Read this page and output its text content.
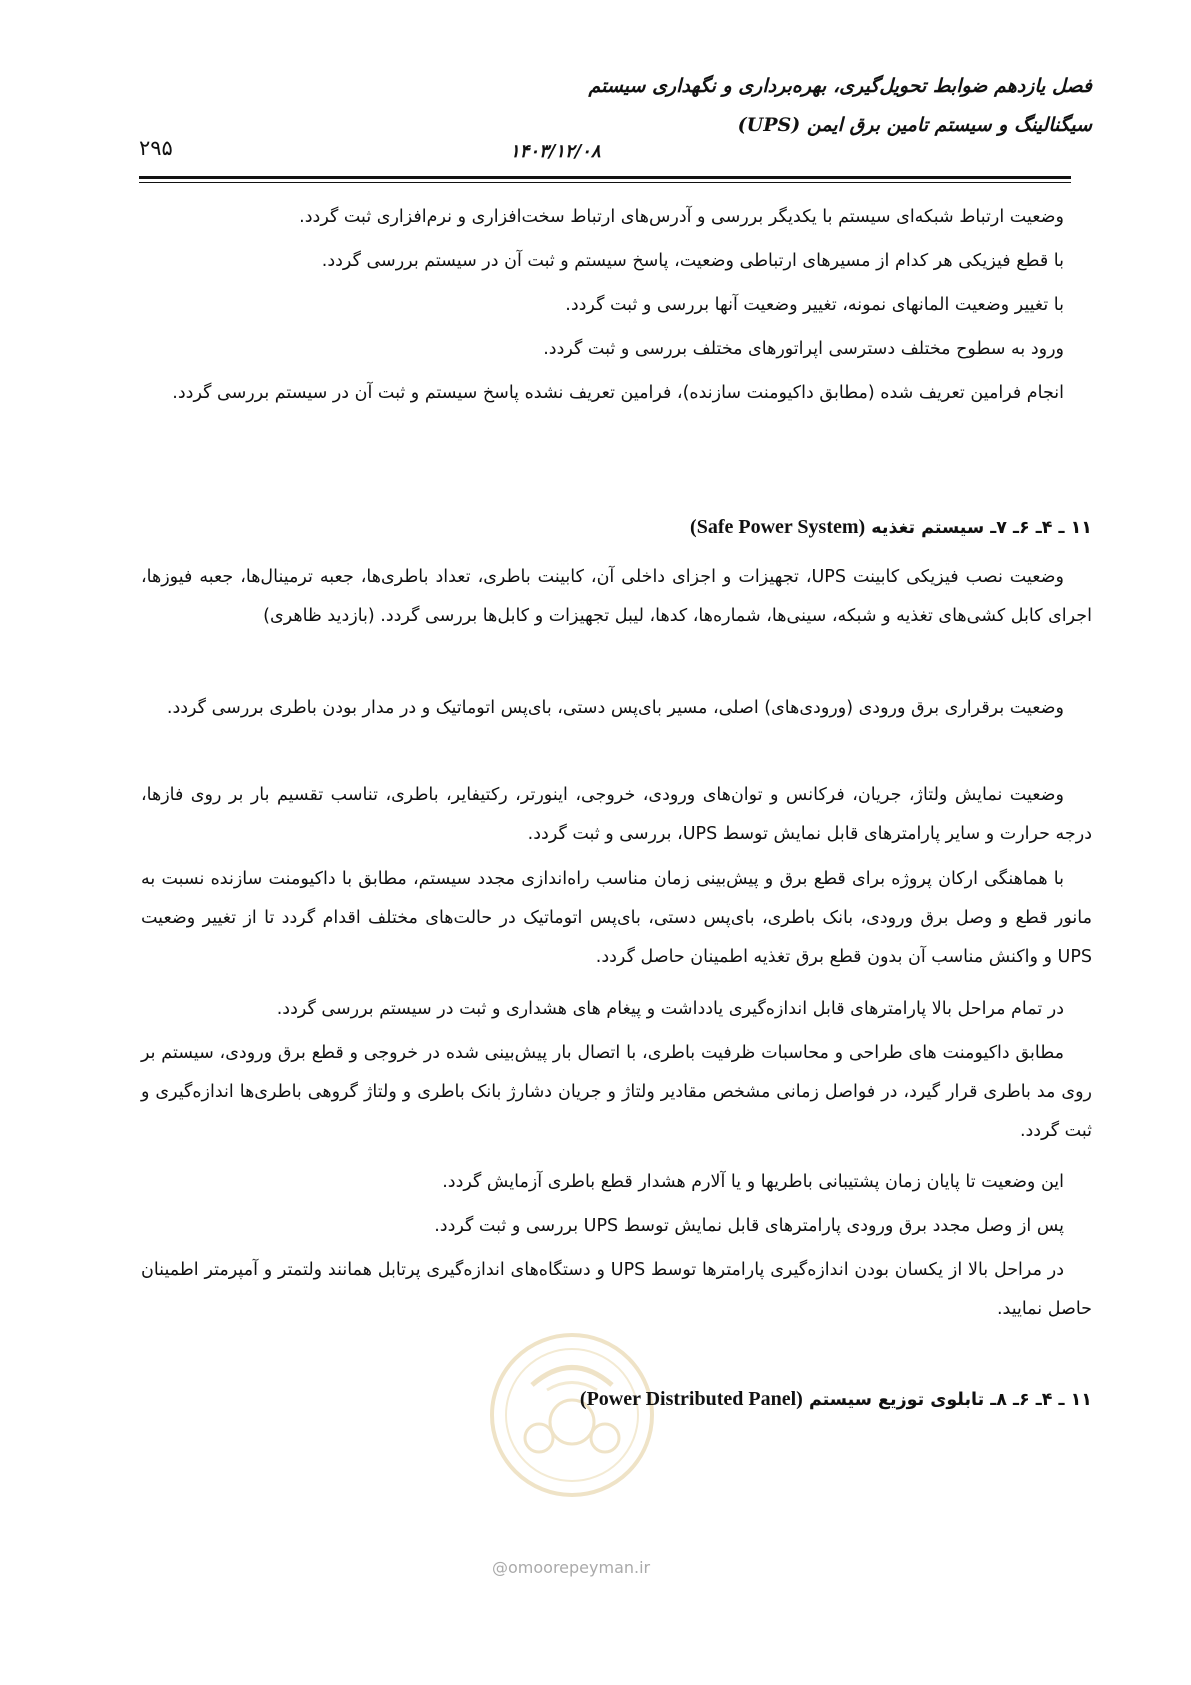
فصل یازدهم ضوابط تحویل‌گیری، بهره‌برداری و نگهداری سیستم
سیگنالینگ و سیستم تامین برق ایمن (UPS)
۱۴۰۳/۱۲/۰۸
۲۹۵

وضعیت ارتباط شبکه‌ای سیستم با یکدیگر بررسی و آدرس‌های ارتباط سخت‌افزاری و نرم‌افزاری ثبت گردد.

با قطع فیزیکی هر کدام از مسیرهای ارتباطی وضعیت، پاسخ سیستم و ثبت آن در سیستم بررسی گردد.

با تغییر وضعیت المانهای نمونه، تغییر وضعیت آنها بررسی و ثبت گردد.

ورود به سطوح مختلف دسترسی اپراتورهای مختلف بررسی و ثبت گردد.

انجام فرامین تعریف شده (مطابق داکیومنت سازنده)، فرامین تعریف نشده پاسخ سیستم و ثبت آن در سیستم بررسی گردد.

۱۱ ـ ۴ـ ۶ـ ۷ـ سیستم تغذیه (Safe Power System)

وضعیت نصب فیزیکی کابینت UPS، تجهیزات و اجزای داخلی آن، کابینت باطری، تعداد باطری‌ها، جعبه ترمینال‌ها، جعبه فیوزها، اجرای کابل کشی‌های تغذیه و شبکه، سینی‌ها، شماره‌ها، کدها، لیبل تجهیزات و کابل‌ها بررسی گردد. (بازدید ظاهری)

وضعیت برقراری برق ورودی (ورودی‌های) اصلی، مسیر بای‌پس دستی، بای‌پس اتوماتیک و در مدار بودن باطری بررسی گردد.

وضعیت نمایش ولتاژ، جریان، فرکانس و توان‌های ورودی، خروجی، اینورتر، رکتیفایر، باطری، تناسب تقسیم بار بر روی فازها، درجه حرارت و سایر پارامترهای قابل نمایش توسط UPS، بررسی و ثبت گردد.

با هماهنگی ارکان پروژه برای قطع برق و پیش‌بینی زمان مناسب راه‌اندازی مجدد سیستم، مطابق با داکیومنت سازنده نسبت به مانور قطع و وصل برق ورودی، بانک باطری، بای‌پس دستی، بای‌پس اتوماتیک در حالت‌های مختلف اقدام گردد تا از تغییر وضعیت UPS و واکنش مناسب آن بدون قطع برق تغذیه اطمینان حاصل گردد.

در تمام مراحل بالا پارامترهای قابل اندازه‌گیری یادداشت و پیغام های هشداری و ثبت در سیستم بررسی گردد.

مطابق داکیومنت های طراحی و محاسبات ظرفیت باطری، با اتصال بار پیش‌بینی شده در خروجی و قطع برق ورودی، سیستم بر روی مد باطری قرار گیرد، در فواصل زمانی مشخص مقادیر ولتاژ و جریان دشارژ بانک باطری و ولتاژ گروهی باطری‌ها اندازه‌گیری و ثبت گردد.

این وضعیت تا پایان زمان پشتیبانی باطریها و یا آلارم هشدار قطع باطری آزمایش گردد.

پس از وصل مجدد برق ورودی پارامترهای قابل نمایش توسط UPS بررسی و ثبت گردد.

در مراحل بالا از یکسان بودن اندازه‌گیری پارامترها توسط UPS و دستگاه‌های اندازه‌گیری پرتابل همانند ولتمتر و آمپرمتر اطمینان حاصل نمایید.

۱۱ ـ ۴ـ ۶ـ ۸ـ تابلوی توزیع سیستم (Power Distributed Panel)

@omoorepeyman.ir
